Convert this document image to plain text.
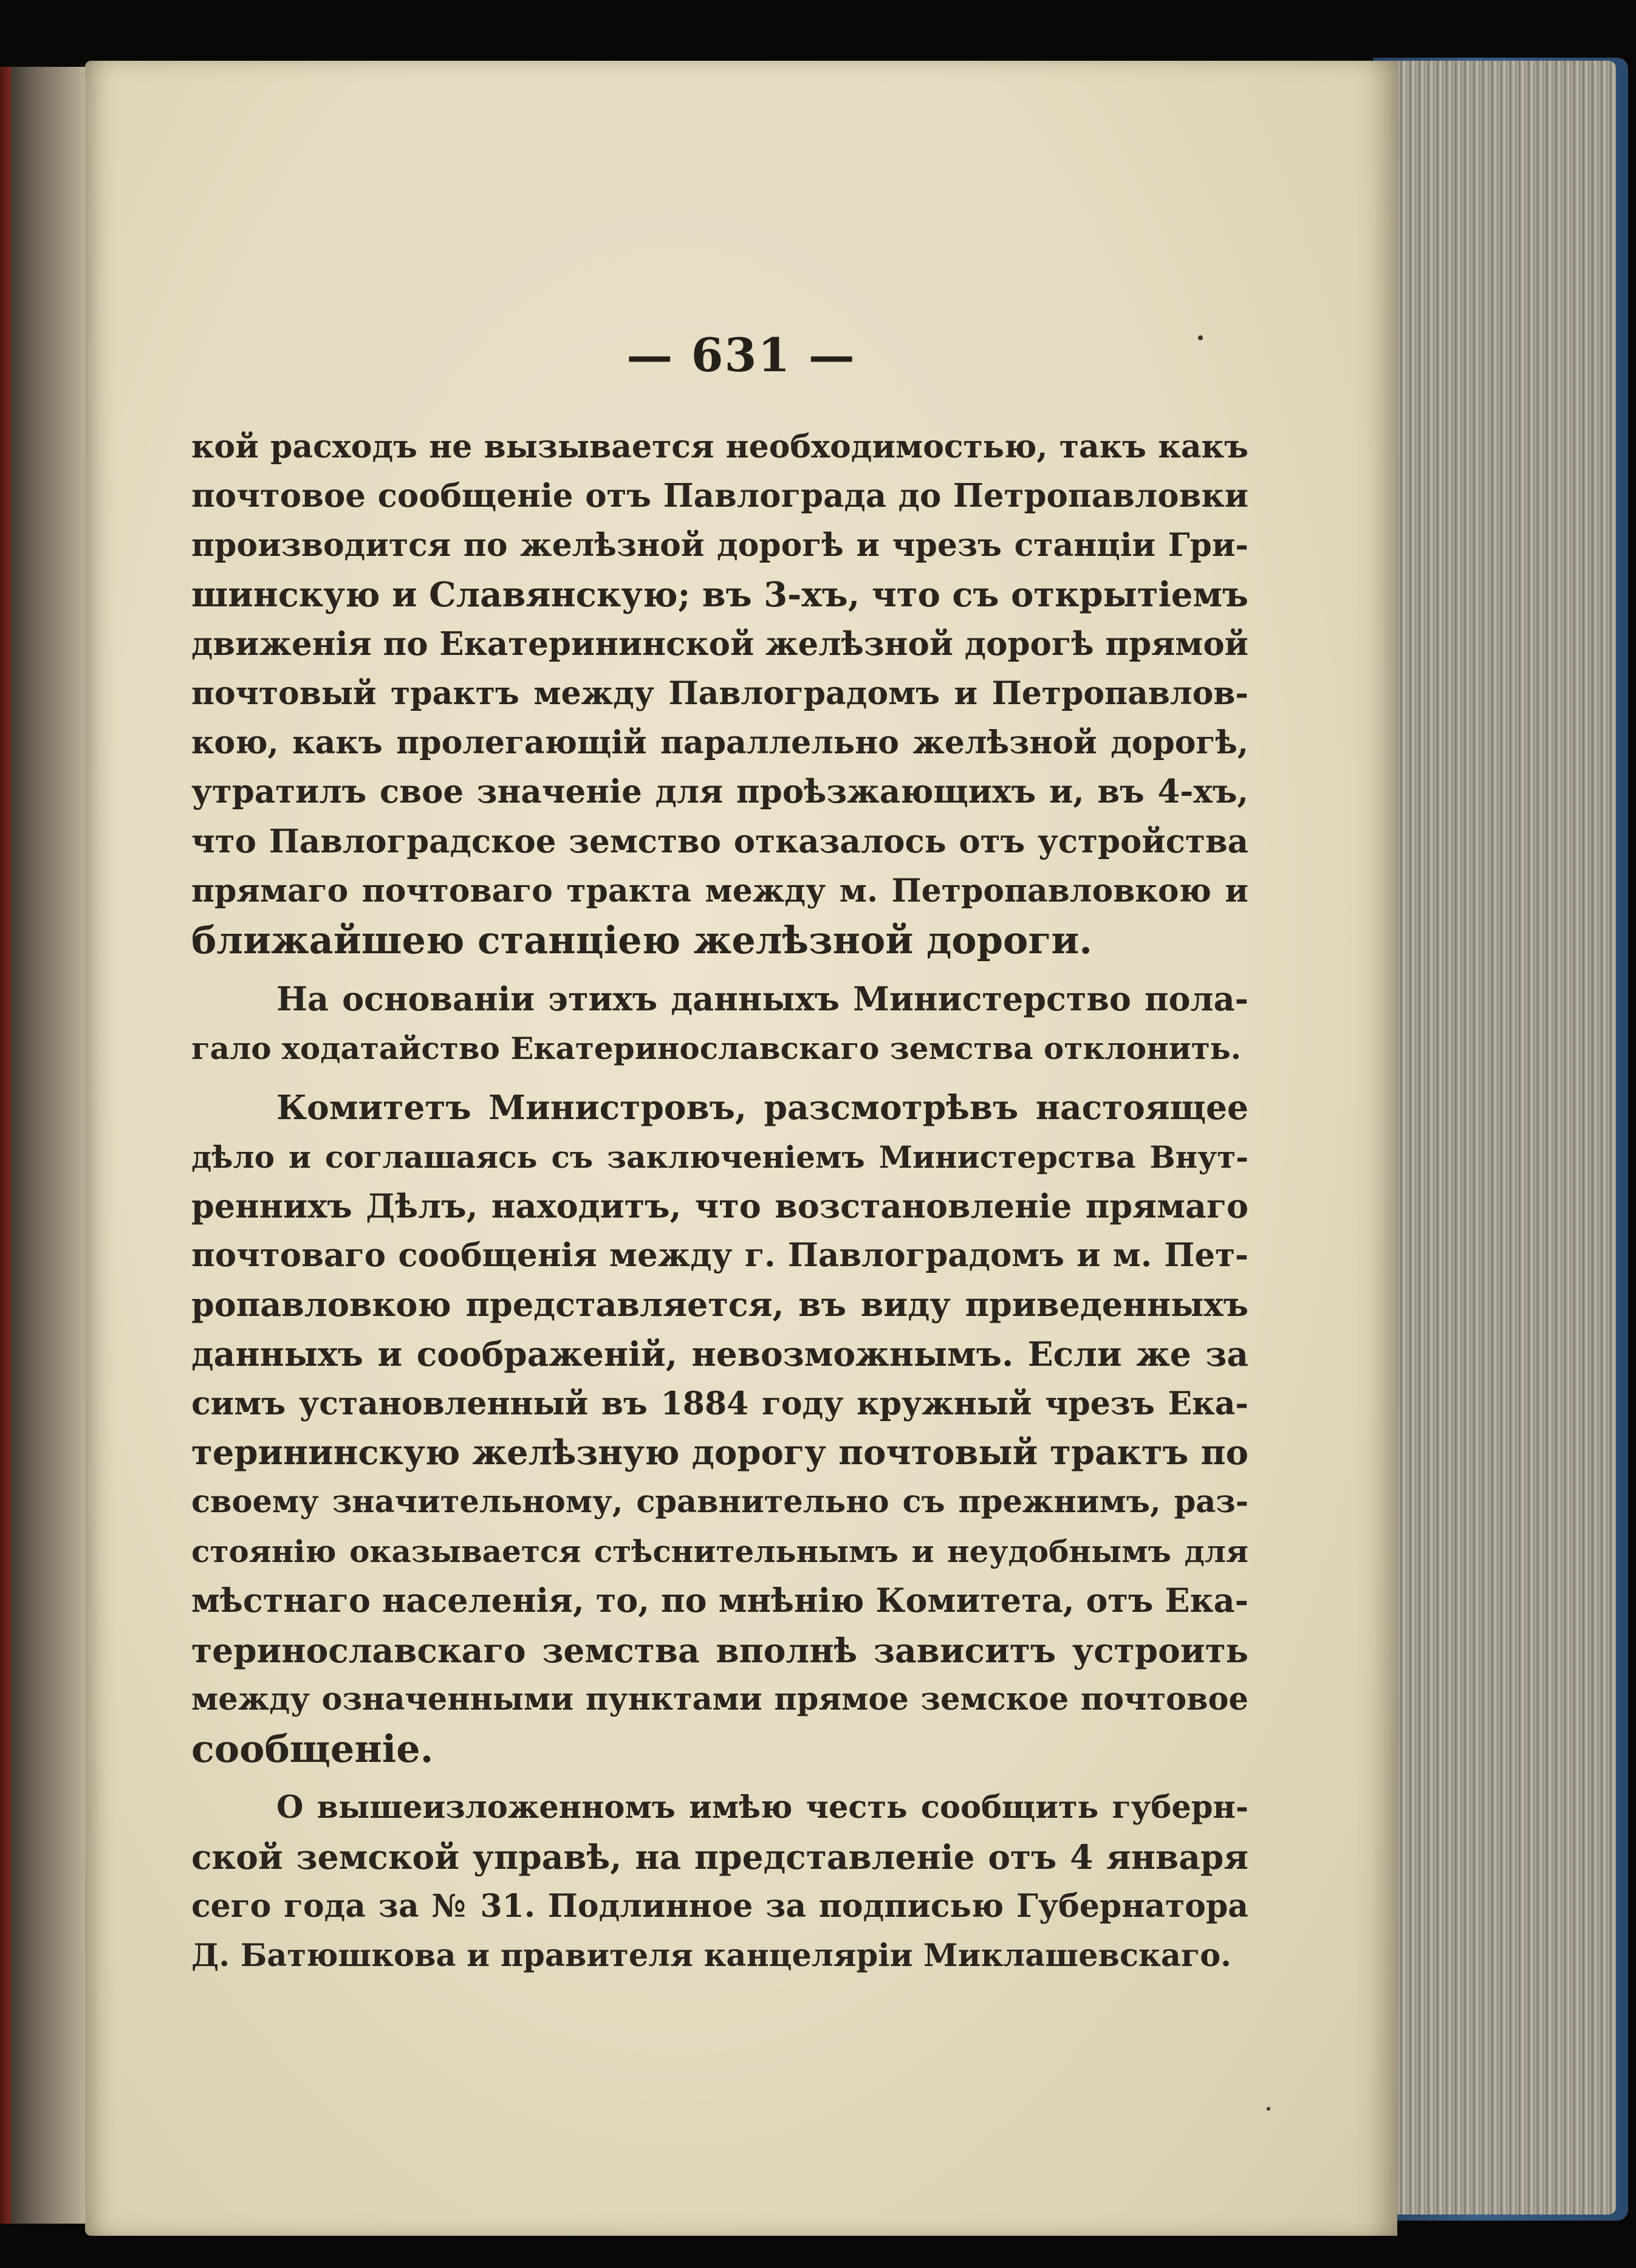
— 631 —
кой расходъ не вызывается необходимостью, такъ какъ
почтовое сообщеніе отъ Павлограда до Петропавловки
производится по желѣзной дорогѣ и чрезъ станціи Гри-
шинскую и Славянскую; въ 3-хъ, что съ открытіемъ
движенія по Екатерининской желѣзной дорогѣ прямой
почтовый трактъ между Павлоградомъ и Петропавлов-
кою, какъ пролегающій параллельно желѣзной дорогѣ,
утратилъ свое значеніе для проѣзжающихъ и, въ 4-хъ,
что Павлоградское земство отказалось отъ устройства
прямаго почтоваго тракта между м. Петропавловкою и
ближайшею станціею желѣзной дороги.
На основаніи этихъ данныхъ Министерство пола-
гало ходатайство Екатеринославскаго земства отклонить.
Комитетъ Министровъ, разсмотрѣвъ настоящее
дѣло и соглашаясь съ заключеніемъ Министерства Внут-
реннихъ Дѣлъ, находитъ, что возстановленіе прямаго
почтоваго сообщенія между г. Павлоградомъ и м. Пет-
ропавловкою представляется, въ виду приведенныхъ
данныхъ и соображеній, невозможнымъ. Если же за
симъ установленный въ 1884 году кружный чрезъ Ека-
терининскую желѣзную дорогу почтовый трактъ по
своему значительному, сравнительно съ прежнимъ, раз-
стоянію оказывается стѣснительнымъ и неудобнымъ для
мѣстнаго населенія, то, по мнѣнію Комитета, отъ Ека-
теринославскаго земства вполнѣ зависитъ устроить
между означенными пунктами прямое земское почтовое
сообщеніе.
О вышеизложенномъ имѣю честь сообщить губерн-
ской земской управѣ, на представленіе отъ 4 января
сего года за № 31. Подлинное за подписью Губернатора
Д. Батюшкова и правителя канцеляріи Миклашевскаго.
